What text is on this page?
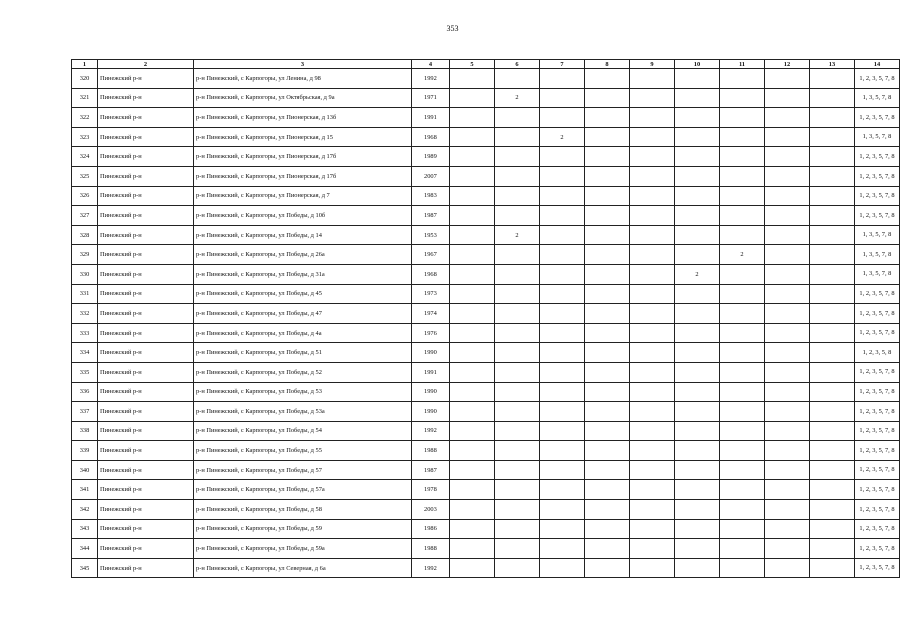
353
1	2	3	4	5	6	7	8	9	10	11	12	13	14
320	Пинежский р-н	р-н Пинежский, с Карпогоры, ул Ленина, д 98	1992										1, 2, 3, 5, 7, 8
321	Пинежский р-н	р-н Пинежский, с Карпогоры, ул Октябрьская, д 9а	1971		2								1, 3, 5, 7, 8
322	Пинежский р-н	р-н Пинежский, с Карпогоры, ул Пионерская, д 13б	1991										1, 2, 3, 5, 7, 8
323	Пинежский р-н	р-н Пинежский, с Карпогоры, ул Пионерская, д 15	1968			2							1, 3, 5, 7, 8
324	Пинежский р-н	р-н Пинежский, с Карпогоры, ул Пионерская, д 17б	1989										1, 2, 3, 5, 7, 8
325	Пинежский р-н	р-н Пинежский, с Карпогоры, ул Пионерская, д 17б	2007										1, 2, 3, 5, 7, 8
326	Пинежский р-н	р-н Пинежский, с Карпогоры, ул Пионерская, д 7	1983										1, 2, 3, 5, 7, 8
327	Пинежский р-н	р-н Пинежский, с Карпогоры, ул Победы, д 10б	1987										1, 2, 3, 5, 7, 8
328	Пинежский р-н	р-н Пинежский, с Карпогоры, ул Победы, д 14	1953		2								1, 3, 5, 7, 8
329	Пинежский р-н	р-н Пинежский, с Карпогоры, ул Победы, д 26а	1967							2			1, 3, 5, 7, 8
330	Пинежский р-н	р-н Пинежский, с Карпогоры, ул Победы, д 31а	1968						2				1, 3, 5, 7, 8
331	Пинежский р-н	р-н Пинежский, с Карпогоры, ул Победы, д 45	1973										1, 2, 3, 5, 7, 8
332	Пинежский р-н	р-н Пинежский, с Карпогоры, ул Победы, д 47	1974										1, 2, 3, 5, 7, 8
333	Пинежский р-н	р-н Пинежский, с Карпогоры, ул Победы, д 4а	1976										1, 2, 3, 5, 7, 8
334	Пинежский р-н	р-н Пинежский, с Карпогоры, ул Победы, д 51	1990										1, 2, 3, 5, 8
335	Пинежский р-н	р-н Пинежский, с Карпогоры, ул Победы, д 52	1991										1, 2, 3, 5, 7, 8
336	Пинежский р-н	р-н Пинежский, с Карпогоры, ул Победы, д 53	1990										1, 2, 3, 5, 7, 8
337	Пинежский р-н	р-н Пинежский, с Карпогоры, ул Победы, д 53а	1990										1, 2, 3, 5, 7, 8
338	Пинежский р-н	р-н Пинежский, с Карпогоры, ул Победы, д 54	1992										1, 2, 3, 5, 7, 8
339	Пинежский р-н	р-н Пинежский, с Карпогоры, ул Победы, д 55	1988										1, 2, 3, 5, 7, 8
340	Пинежский р-н	р-н Пинежский, с Карпогоры, ул Победы, д 57	1987										1, 2, 3, 5, 7, 8
341	Пинежский р-н	р-н Пинежский, с Карпогоры, ул Победы, д 57а	1978										1, 2, 3, 5, 7, 8
342	Пинежский р-н	р-н Пинежский, с Карпогоры, ул Победы, д 58	2003										1, 2, 3, 5, 7, 8
343	Пинежский р-н	р-н Пинежский, с Карпогоры, ул Победы, д 59	1986										1, 2, 3, 5, 7, 8
344	Пинежский р-н	р-н Пинежский, с Карпогоры, ул Победы, д 59а	1988										1, 2, 3, 5, 7, 8
345	Пинежский р-н	р-н Пинежский, с Карпогоры, ул Северная, д 6а	1992										1, 2, 3, 5, 7, 8
